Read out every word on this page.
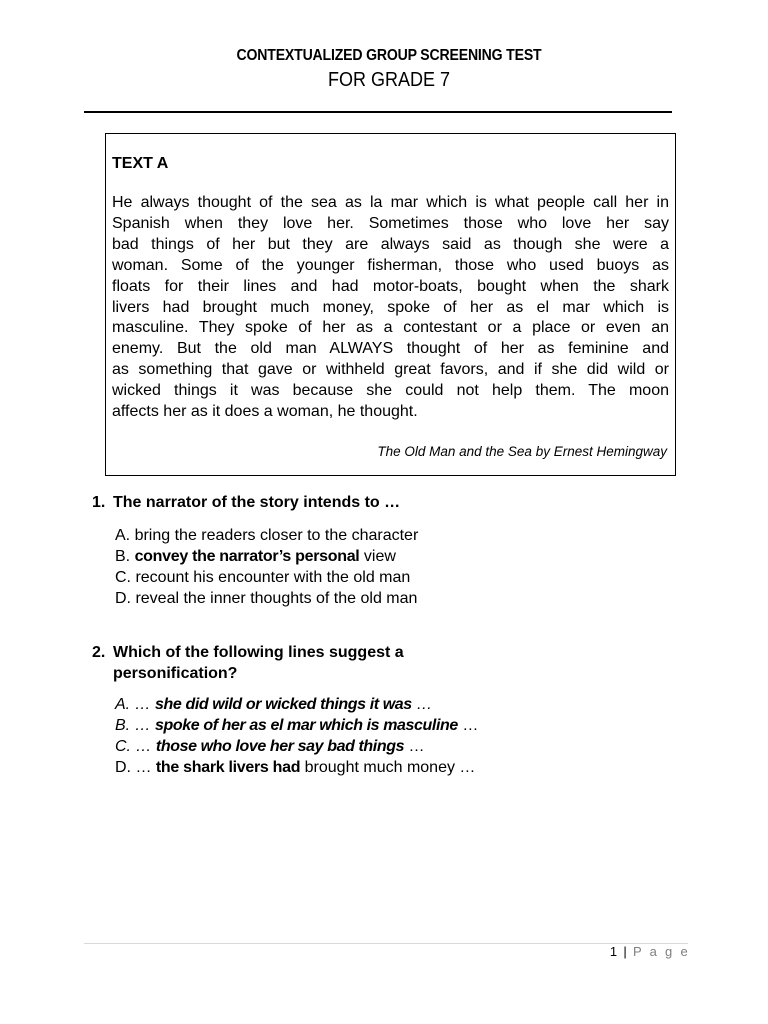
CONTEXTUALIZED GROUP SCREENING TEST
FOR GRADE 7
TEXT A
He always thought of the sea as la mar which is what people call her in
Spanish when they love her. Sometimes those who love her say
bad things of her but they are always said as though she were a
woman. Some of the younger fisherman, those who used buoys as
floats for their lines and had motor-boats, bought when the shark
livers had brought much money, spoke of her as el mar which is
masculine. They spoke of her as a contestant or a place or even an
enemy. But the old man ALWAYS thought of her as feminine and
as something that gave or withheld great favors, and if she did wild or
wicked things it was because she could not help them. The moon
affects her as it does a woman, he thought.
The Old Man and the Sea by Ernest Hemingway
1. The narrator of the story intends to …
A. bring the readers closer to the character
B. convey the narrator’s personal view
C. recount his encounter with the old man
D. reveal the inner thoughts of the old man
2. Which of the following lines suggest a
personification?
A. … she did wild or wicked things it was …
B. … spoke of her as el mar which is masculine …
C. … those who love her say bad things …
D. … the shark livers had brought much money …
1 | P a g e
